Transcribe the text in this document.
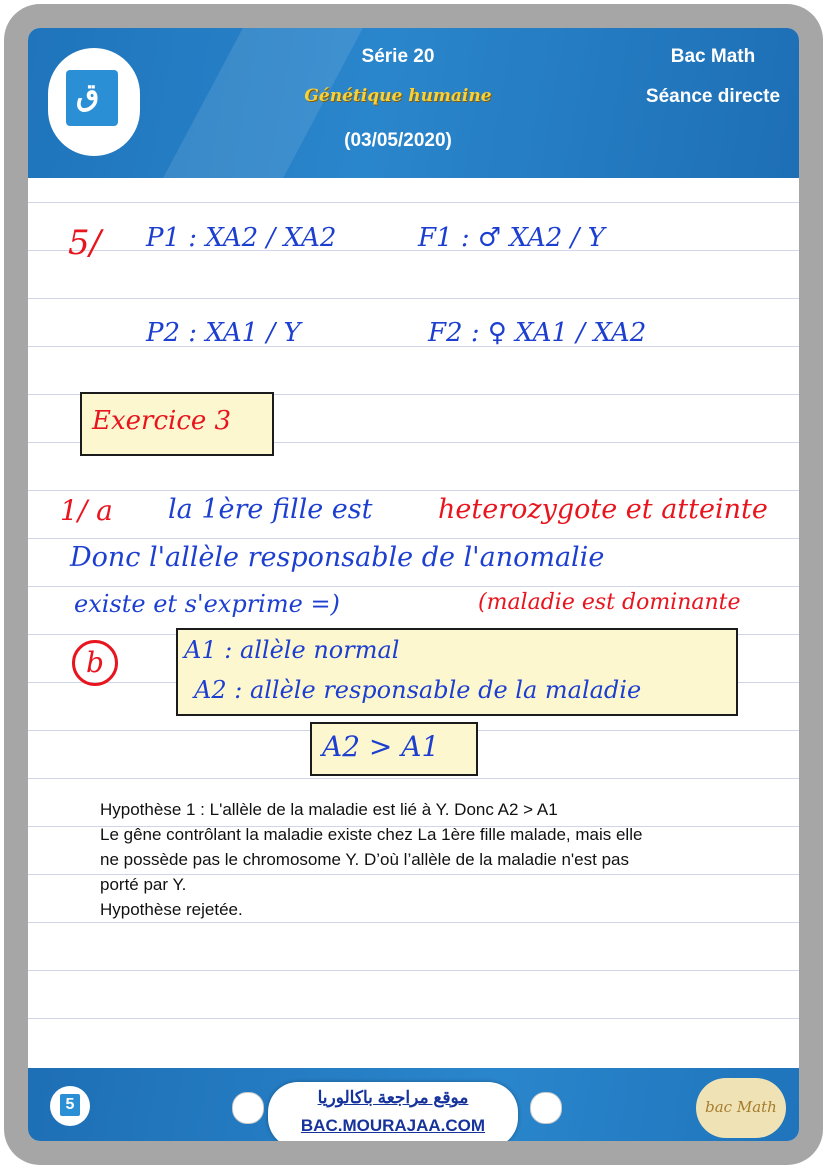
ق
Série 20
Génétique humaine
(03/05/2020)
Bac Math
Séance directe
5/ P1 : XA2 / XA2	F1 : ♂ XA2 / Y
P2 : XA1 / Y	F2 : ♀ XA1 / XA2
Exercice 3
1/ a la 1ère fille est heterozygote et atteinte
Donc l'allèle responsable de l'anomalie
existe et s'exprime =)	(maladie est dominante
b	A1 : allèle normal
A2 : allèle responsable de la maladie
A2 > A1
Hypothèse 1 : L'allèle de la maladie est lié à Y. Donc A2 > A1
Le gêne contrôlant la maladie existe chez La 1ère fille malade, mais elle
ne possède pas le chromosome Y. D’où l’allèle de la maladie n'est pas
porté par Y.
Hypothèse rejetée.
5	موقع مراجعة باكالوريا
BAC.MOURAJAA.COM
bac Math
